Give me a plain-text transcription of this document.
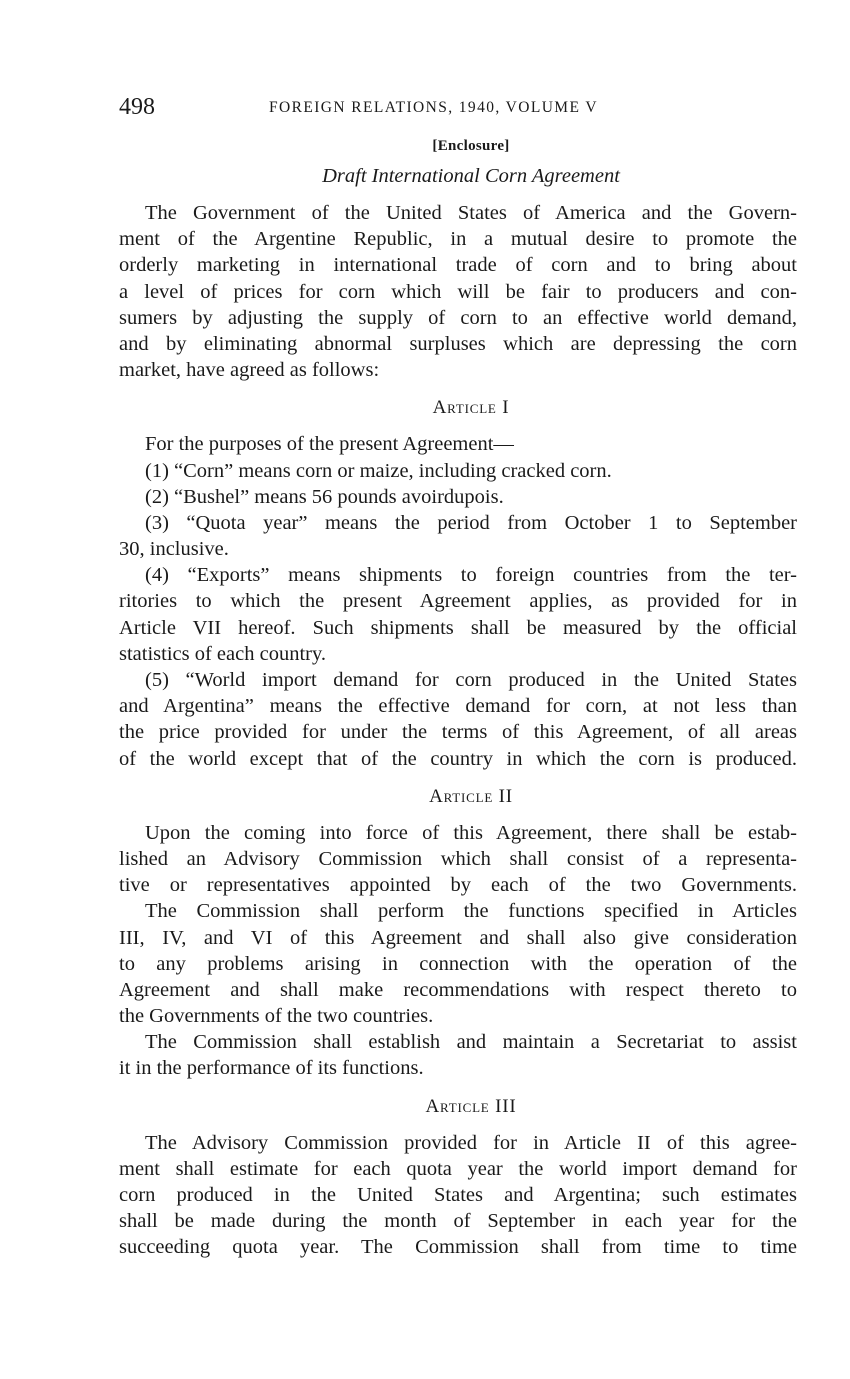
498	FOREIGN RELATIONS, 1940, VOLUME V
[Enclosure]
Draft International Corn Agreement
The Government of the United States of America and the Govern-
ment of the Argentine Republic, in a mutual desire to promote the
orderly marketing in international trade of corn and to bring about
a level of prices for corn which will be fair to producers and con-
sumers by adjusting the supply of corn to an effective world demand,
and by eliminating abnormal surpluses which are depressing the corn
market, have agreed as follows:
Article I
For the purposes of the present Agreement—
(1) “Corn” means corn or maize, including cracked corn.
(2) “Bushel” means 56 pounds avoirdupois.
(3) “Quota year” means the period from October 1 to September
30, inclusive.
(4) “Exports” means shipments to foreign countries from the ter-
ritories to which the present Agreement applies, as provided for in
Article VII hereof. Such shipments shall be measured by the official
statistics of each country.
(5) “World import demand for corn produced in the United States
and Argentina” means the effective demand for corn, at not less than
the price provided for under the terms of this Agreement, of all areas
of the world except that of the country in which the corn is produced.
Article II
Upon the coming into force of this Agreement, there shall be estab-
lished an Advisory Commission which shall consist of a representa-
tive or representatives appointed by each of the two Governments.
The Commission shall perform the functions specified in Articles
III, IV, and VI of this Agreement and shall also give consideration
to any problems arising in connection with the operation of the
Agreement and shall make recommendations with respect thereto to
the Governments of the two countries.
The Commission shall establish and maintain a Secretariat to assist
it in the performance of its functions.
Article III
The Advisory Commission provided for in Article II of this agree-
ment shall estimate for each quota year the world import demand for
corn produced in the United States and Argentina; such estimates
shall be made during the month of September in each year for the
succeeding quota year. The Commission shall from time to time
